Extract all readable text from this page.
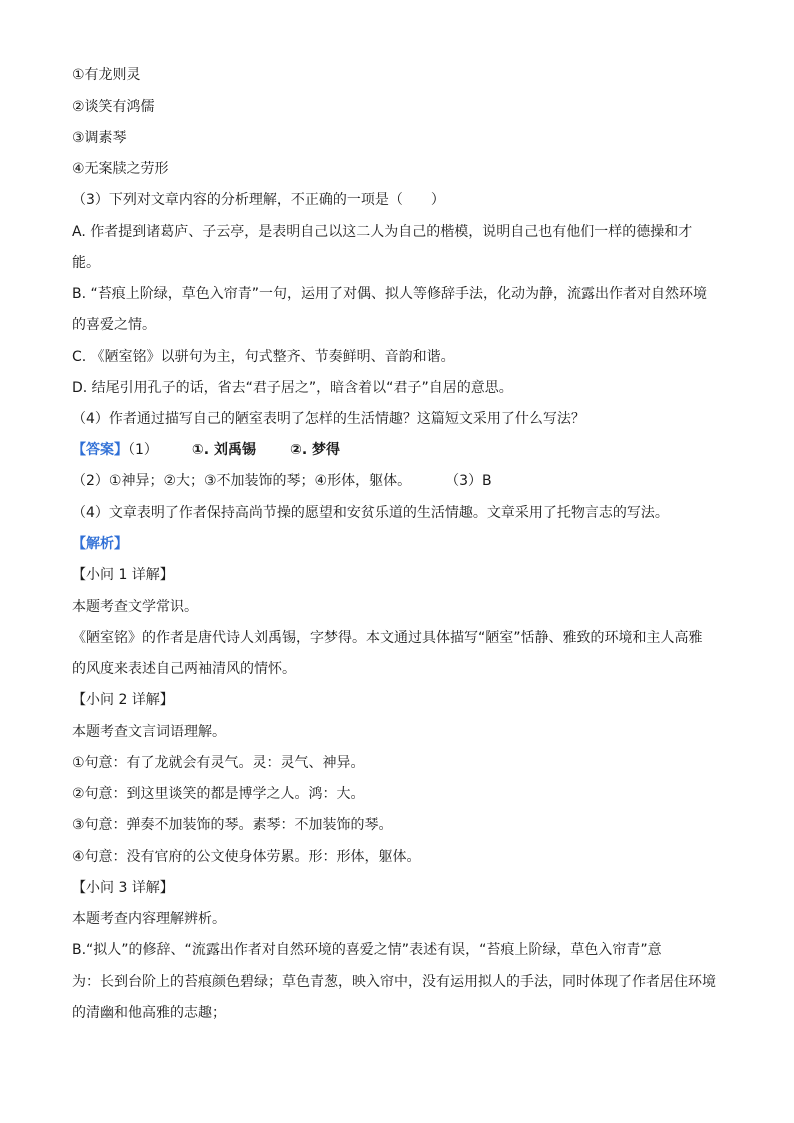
①有龙则灵
②谈笑有鸿儒
③调素琴
④无案牍之劳形
（3）下列对文章内容的分析理解，不正确的一项是（　　）
A. 作者提到诸葛庐、子云亭，是表明自己以这二人为自己的楷模，说明自己也有他们一样的德操和才
能。
B. “苔痕上阶绿，草色入帘青”一句，运用了对偶、拟人等修辞手法，化动为静，流露出作者对自然环境
的喜爱之情。
C. 《陋室铭》以骈句为主，句式整齐、节奏鲜明、音韵和谐。
D. 结尾引用孔子的话，省去“君子居之”，暗含着以“君子”自居的意思。
（4）作者通过描写自己的陋室表明了怎样的生活情趣？这篇短文采用了什么写法？
【答案】（1） ①. 刘禹锡 ②. 梦得
（2）①神异；②大；③不加装饰的琴；④形体，躯体。 （3）B
（4）文章表明了作者保持高尚节操的愿望和安贫乐道的生活情趣。文章采用了托物言志的写法。
【解析】
【小问 1 详解】
本题考查文学常识。
《陋室铭》的作者是唐代诗人刘禹锡，字梦得。本文通过具体描写“陋室”恬静、雅致的环境和主人高雅
的风度来表述自己两袖清风的情怀。
【小问 2 详解】
本题考查文言词语理解。
①句意：有了龙就会有灵气。灵：灵气、神异。
②句意：到这里谈笑的都是博学之人。鸿：大。
③句意：弹奏不加装饰的琴。素琴：不加装饰的琴。
④句意：没有官府的公文使身体劳累。形：形体，躯体。
【小问 3 详解】
本题考查内容理解辨析。
B.“拟人”的修辞、“流露出作者对自然环境的喜爱之情”表述有误，“苔痕上阶绿，草色入帘青”意
为：长到台阶上的苔痕颜色碧绿；草色青葱，映入帘中，没有运用拟人的手法，同时体现了作者居住环境
的清幽和他高雅的志趣；
